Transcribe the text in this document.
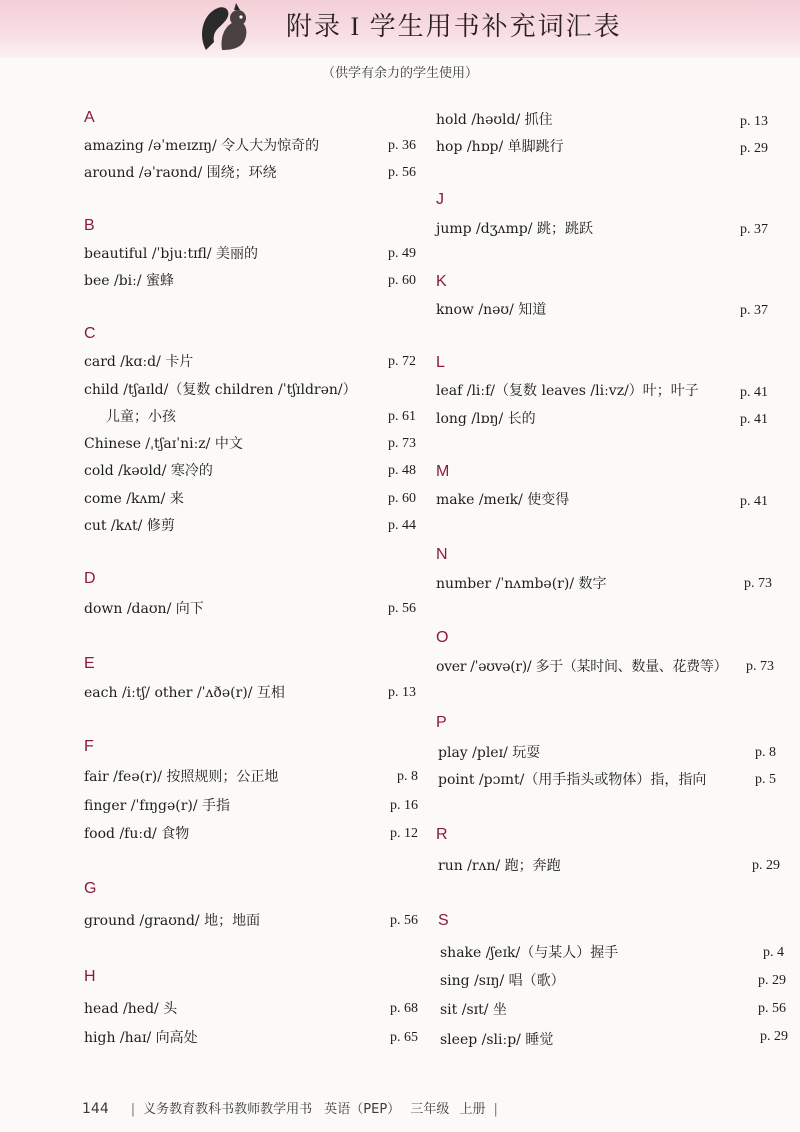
附录 I 学生用书补充词汇表
（供学有余力的学生使用）
A
amazing /əˈmeɪzɪŋ/ 令人大为惊奇的	p. 36
around /əˈraʊnd/ 围绕；环绕	p. 56
B
beautiful /ˈbjuːtɪfl/ 美丽的	p. 49
bee /biː/ 蜜蜂	p. 60
C
card /kɑːd/ 卡片	p. 72
child /tʃaɪld/（复数 children /ˈtʃɪldrən/）
儿童；小孩	p. 61
Chinese /ˌtʃaɪˈniːz/ 中文	p. 73
cold /kəʊld/ 寒冷的	p. 48
come /kʌm/ 来	p. 60
cut /kʌt/ 修剪	p. 44
D
down /daʊn/ 向下	p. 56
E
each /iːtʃ/ other /ˈʌðə(r)/ 互相	p. 13
F
fair /feə(r)/ 按照规则；公正地	p. 8
finger /ˈfɪŋgə(r)/ 手指	p. 16
food /fuːd/ 食物	p. 12
G
ground /graʊnd/ 地；地面	p. 56
H
head /hed/ 头	p. 68
high /haɪ/ 向高处	p. 65
hold /həʊld/ 抓住	p. 13
hop /hɒp/ 单脚跳行	p. 29
J
jump /dʒʌmp/ 跳；跳跃	p. 37
K
know /nəʊ/ 知道	p. 37
L
leaf /liːf/（复数 leaves /liːvz/）叶；叶子	p. 41
long /lɒŋ/ 长的	p. 41
M
make /meɪk/ 使变得	p. 41
N
number /ˈnʌmbə(r)/ 数字	p. 73
O
over /ˈəʊvə(r)/ 多于（某时间、数量、花费等） p. 73
P
play /pleɪ/ 玩耍	p. 8
point /pɔɪnt/（用手指头或物体）指，指向	p. 5
R
run /rʌn/ 跑；奔跑	p. 29
S
shake /ʃeɪk/（与某人）握手	p. 4
sing /sɪŋ/ 唱（歌）	p. 29
sit /sɪt/ 坐	p. 56
sleep /sliːp/ 睡觉	p. 29
144 | 义务教育教科书教师教学用书 英语（PEP） 三年级 上册 |
